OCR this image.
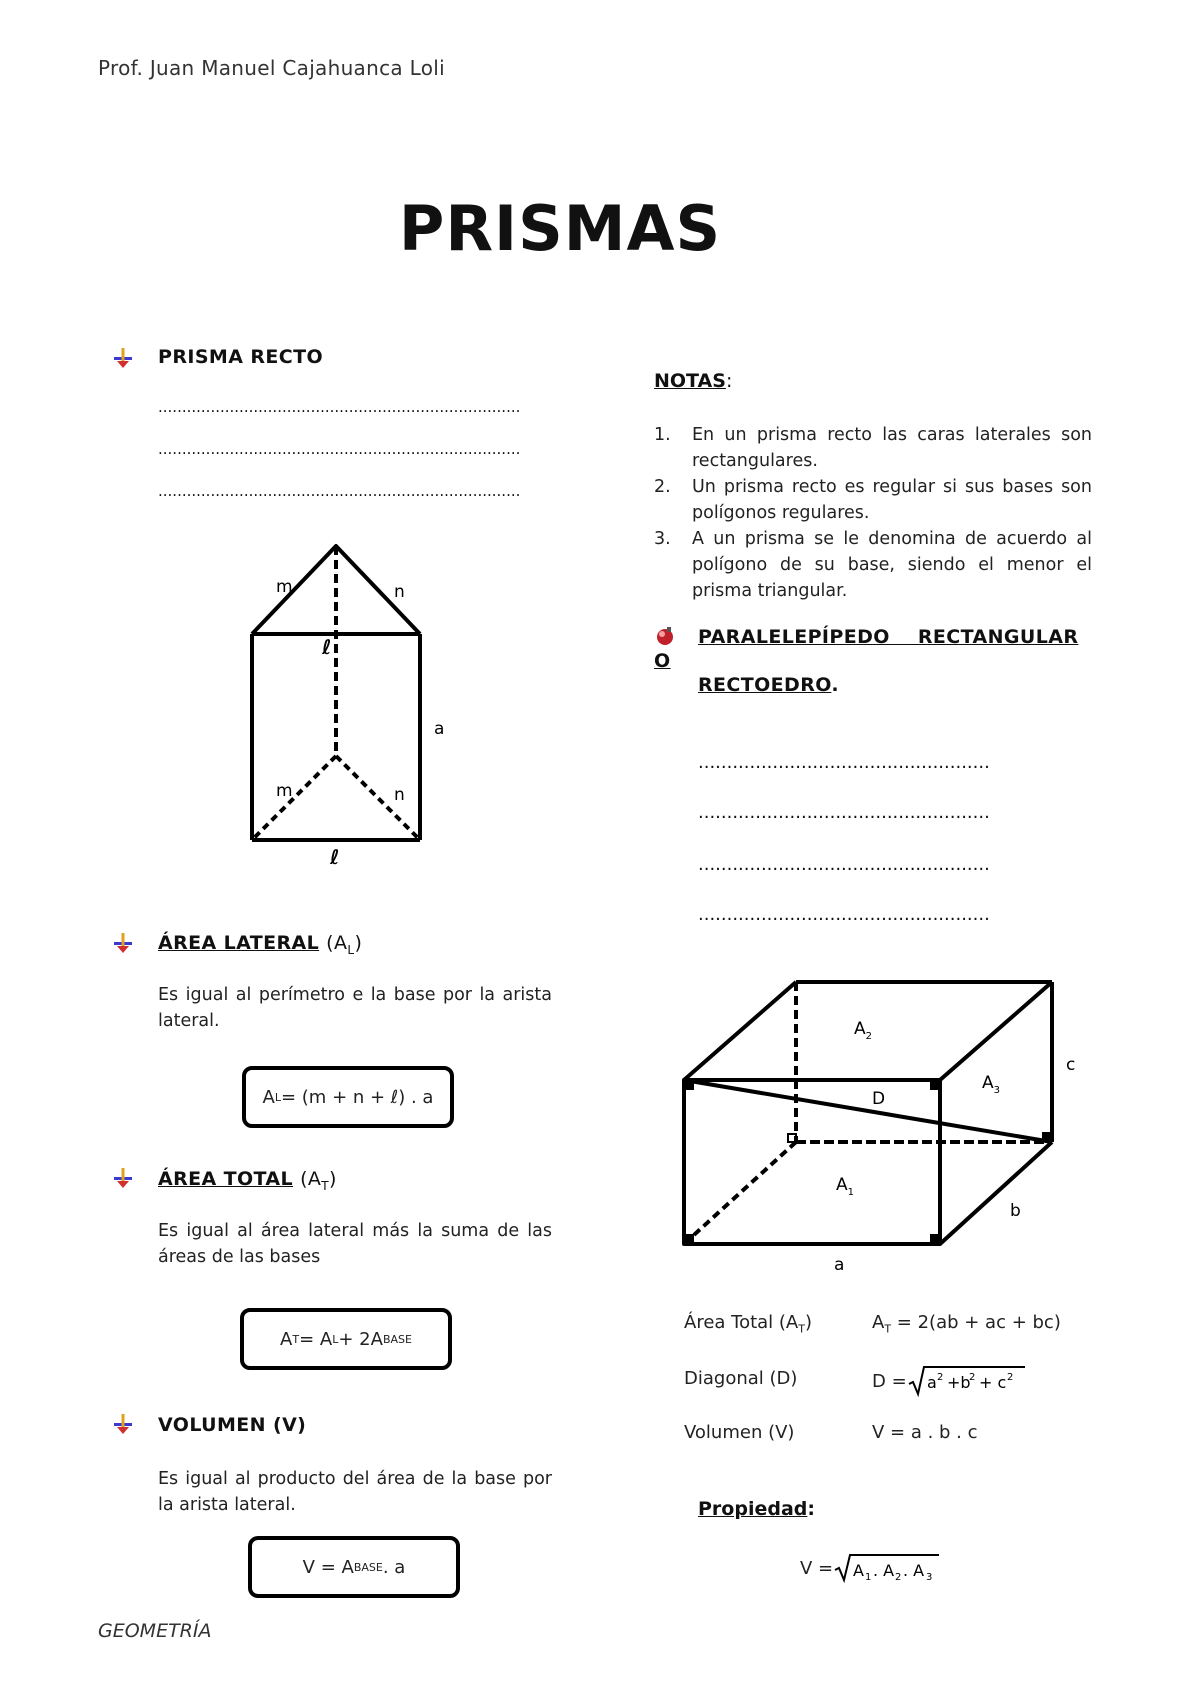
Prof. Juan Manuel Cajahuanca Loli
PRISMAS
PRISMA RECTO
............................................................................
............................................................................
............................................................................
m	n
ℓ
a
m	n
ℓ
ÁREA LATERAL $(A_L)$
Es igual al perímetro e la base por la arista lateral.
A L = (m + n + ℓ) . a
ÁREA TOTAL $(A_T)$
Es igual al área lateral más la suma de las áreas de las bases
A T = A L + 2A BASE
VOLUMEN (V)
Es igual al producto del área de la base por la arista lateral.
V = A BASE . a
NOTAS:
1. En un prisma recto las caras laterales son rectangulares.
2. Un prisma recto es regular si sus bases son polígonos regulares.
3. A un prisma se le denomina de acuerdo al polígono de su base, siendo el menor el prisma triangular.
PARALELEPÍPEDO    RECTANGULAR
O
RECTOEDRO.
...................................................
...................................................
...................................................
...................................................
$A_2$
$A_3$
$A_1$
D
c
b
a
Área Total $(A_T)$	$A_T = 2(ab$ + ac + bc)
Diagonal (D)	D = a 2 +b
2 + c 2
Volumen (V)	V = a . b . c
Propiedad:
V = A 1 . A 2 . A 3
GEOMETRÍA
